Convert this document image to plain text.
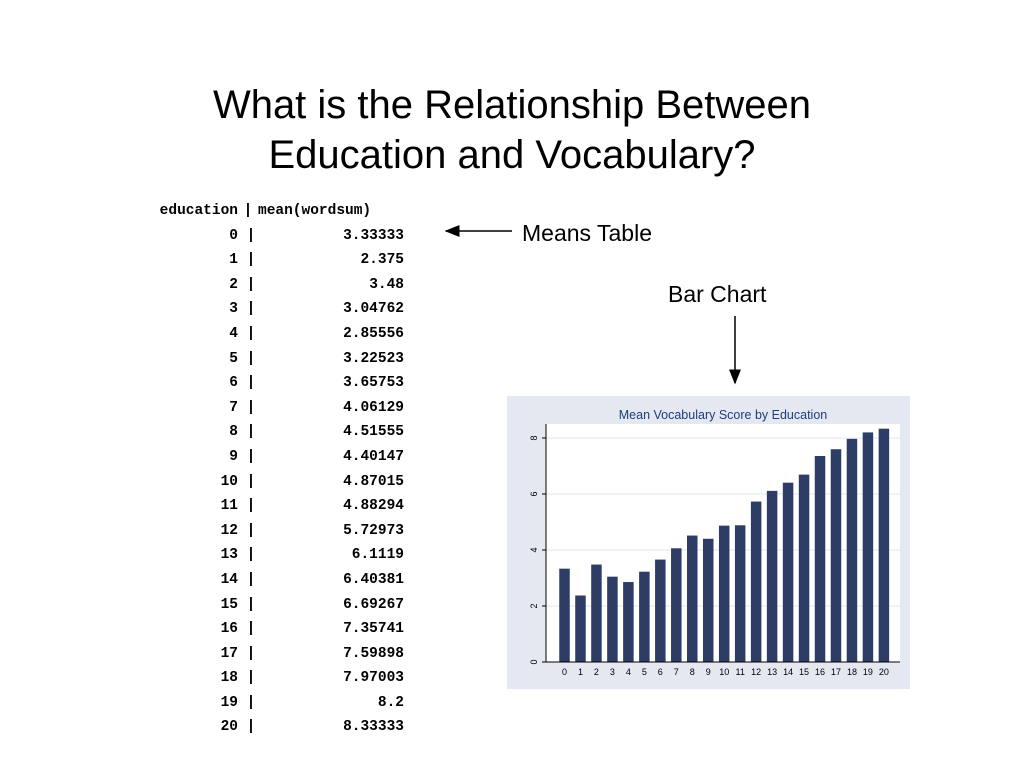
What is the Relationship Between
Education and Vocabulary?
education | mean(wordsum)
0 |	3.33333
1 |	2.375
2 |	3.48
3 |	3.04762
4 |	2.85556
5 |	3.22523
6 |	3.65753
7 |	4.06129
8 |	4.51555
9 |	4.40147
10 |	4.87015
11 |	4.88294
12 |	5.72973
13 |	6.1119
14 |	6.40381
15 |	6.69267
16 |	7.35741
17 |	7.59898
18 |	7.97003
19 |	8.2
20 |	8.33333
Means Table
Bar Chart
Mean Vocabulary Score by Education
0
2
4
6
8
0 1 2 3 4 5 6 7 8 9 10 11 12 13 14 15 16 17 18 19 20
